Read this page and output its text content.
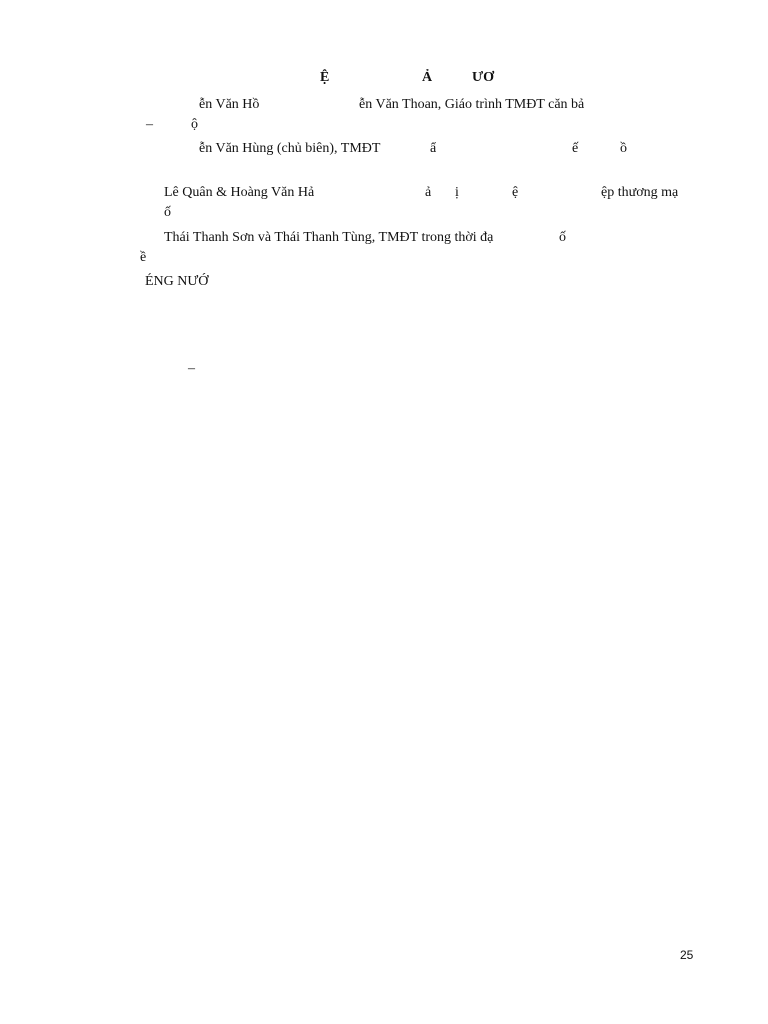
Ệ	Ả	ƯƠ
ễn Văn Hồ	ễn Văn Thoan, Giáo trình TMĐT căn bả
–	ộ
ễn Văn Hùng (chủ biên), TMĐT	ẩ	ế	ồ
Lê Quân & Hoàng Văn Hả	ả ị	ệ	ệp thương mạ
ố
Thái Thanh Sơn và Thái Thanh Tùng, TMĐT trong thời đạ	ố
ề
ÉNG NƯỚ
–
25
